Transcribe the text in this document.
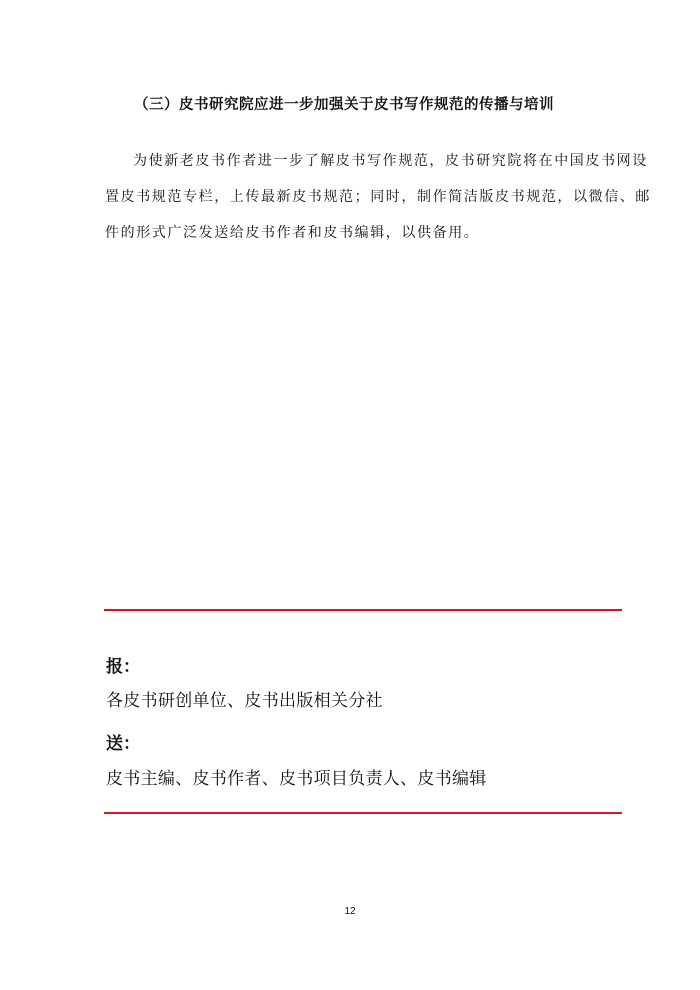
（三）皮书研究院应进一步加强关于皮书写作规范的传播与培训
为使新老皮书作者进一步了解皮书写作规范，皮书研究院将在中国皮书网设
置皮书规范专栏，上传最新皮书规范；同时，制作简洁版皮书规范，以微信、邮
件的形式广泛发送给皮书作者和皮书编辑，以供备用。
报：
各皮书研创单位、皮书出版相关分社
送：
皮书主编、皮书作者、皮书项目负责人、皮书编辑
12
